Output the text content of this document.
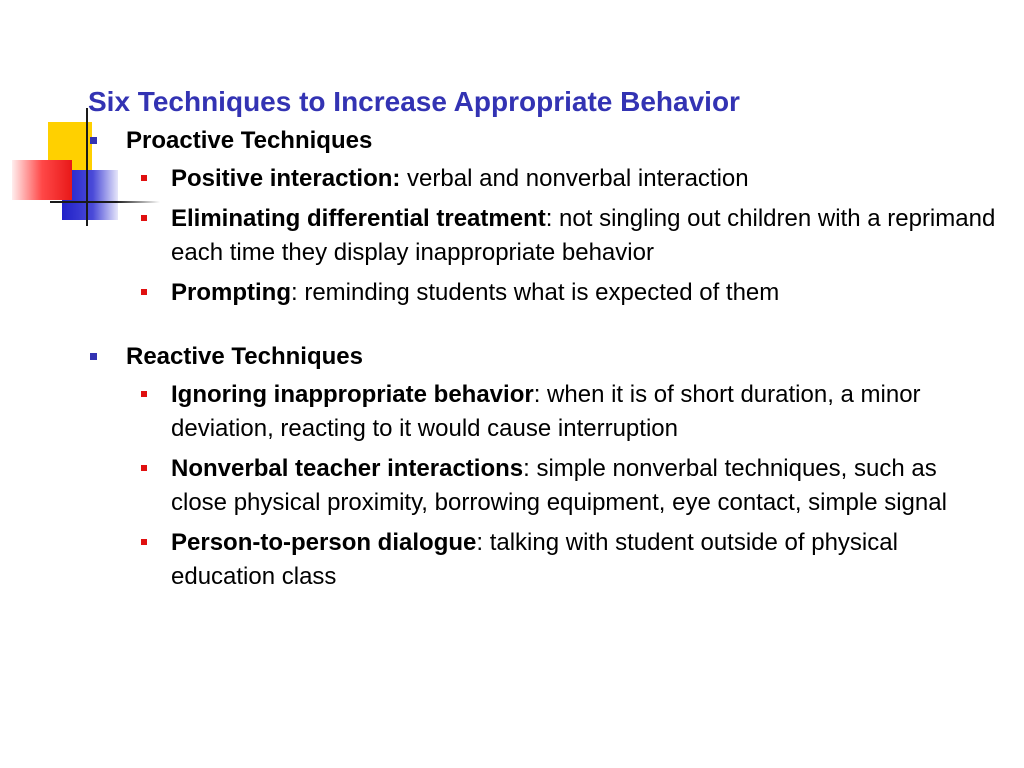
Six Techniques to Increase Appropriate Behavior
Proactive Techniques
Positive interaction: verbal and nonverbal interaction
Eliminating differential treatment: not singling out children with a reprimand each time they display inappropriate behavior
Prompting: reminding students what is expected of them
Reactive Techniques
Ignoring inappropriate behavior: when it is of short duration, a minor deviation, reacting to it would cause interruption
Nonverbal teacher interactions: simple nonverbal techniques, such as close physical proximity, borrowing equipment, eye contact, simple signal
Person-to-person dialogue: talking with student outside of physical education class
